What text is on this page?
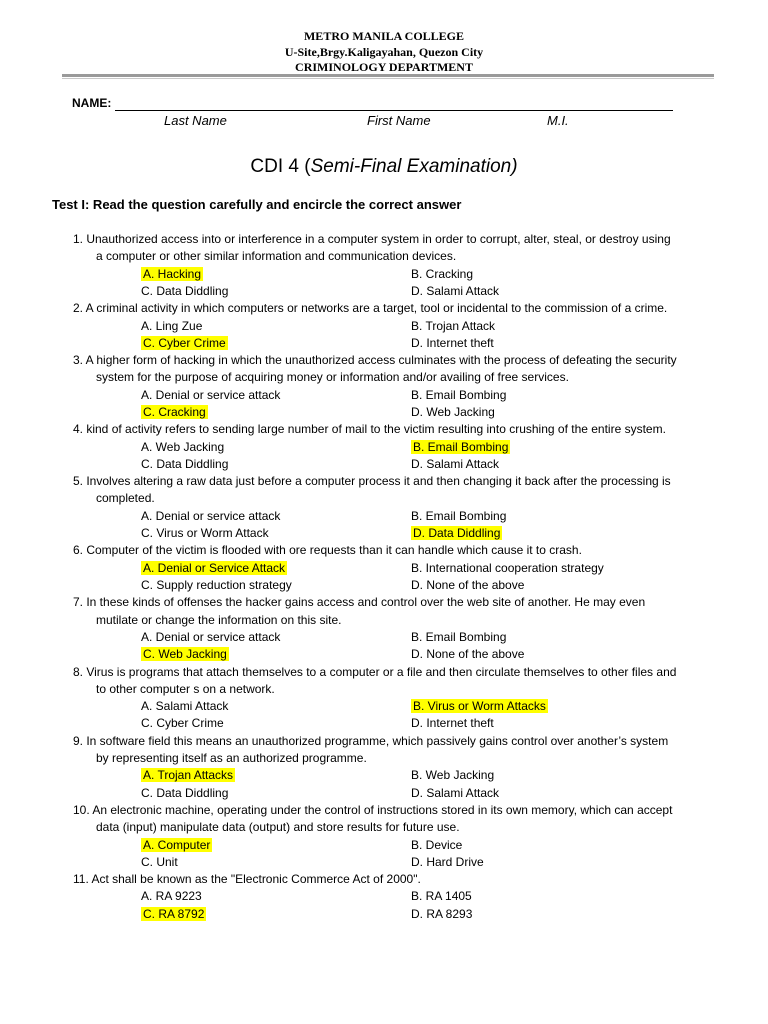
METRO MANILA COLLEGE
U-Site,Brgy.Kaligayahan, Quezon City
CRIMINOLOGY DEPARTMENT
NAME:
Last Name	First Name	M.I.
CDI 4 (Semi-Final Examination)
Test I: Read the question carefully and encircle the correct answer
1. Unauthorized access into or interference in a computer system in order to corrupt, alter, steal, or destroy using
a computer or other similar information and communication devices.
A. Hacking	B. Cracking
C. Data Diddling	D. Salami Attack
2. A criminal activity in which computers or networks are a target, tool or incidental to the commission of a crime.
A. Ling Zue	B. Trojan Attack
C. Cyber Crime	D. Internet theft
3. A higher form of hacking in which the unauthorized access culminates with the process of defeating the security
system for the purpose of acquiring money or information and/or availing of free services.
A. Denial or service attack	B. Email Bombing
C. Cracking	D. Web Jacking
4. kind of activity refers to sending large number of mail to the victim resulting into crushing of the entire system.
A. Web Jacking	B. Email Bombing
C. Data Diddling	D. Salami Attack
5. Involves altering a raw data just before a computer process it and then changing it back after the processing is
completed.
A. Denial or service attack	B. Email Bombing
C. Virus or Worm Attack	D. Data Diddling
6. Computer of the victim is flooded with ore requests than it can handle which cause it to crash.
A. Denial or Service Attack	B. International cooperation strategy
C. Supply reduction strategy	D. None of the above
7. In these kinds of offenses the hacker gains access and control over the web site of another. He may even
mutilate or change the information on this site.
A. Denial or service attack	B. Email Bombing
C. Web Jacking	D. None of the above
8. Virus is programs that attach themselves to a computer or a file and then circulate themselves to other files and
to other computer s on a network.
A. Salami Attack	B. Virus or Worm Attacks
C. Cyber Crime	D. Internet theft
9. In software field this means an unauthorized programme, which passively gains control over another’s system
by representing itself as an authorized programme.
A. Trojan Attacks	B. Web Jacking
C. Data Diddling	D. Salami Attack
10. An electronic machine, operating under the control of instructions stored in its own memory, which can accept
data (input) manipulate data (output) and store results for future use.
A. Computer	B. Device
C. Unit	D. Hard Drive
11. Act shall be known as the "Electronic Commerce Act of 2000".
A. RA 9223	B. RA 1405
C. RA 8792	D. RA 8293
